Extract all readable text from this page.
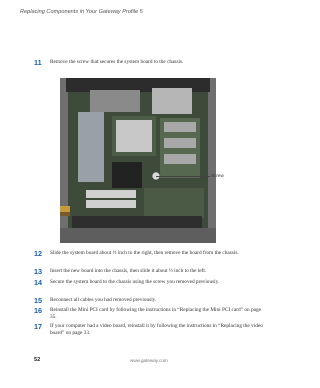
Replacing Components in Your Gateway Profile 5
11	Remove the screw that secures the system board to the chassis.
Screw
12	Slide the system board about ½ inch to the right, then remove the board from the chassis.
13	Insert the new board into the chassis, then slide it about ½ inch to the left.
14	Secure the system board to the chassis using the screw you removed previously.
15	Reconnect all cables you had removed previously.
16	Reinstall the Mini PCI card by following the instructions in “Replacing the Mini PCI card” on page 35.
17	If your computer had a video board, reinstall it by following the instructions in “Replacing the video board” on page 33.
52	www.gateway.com
